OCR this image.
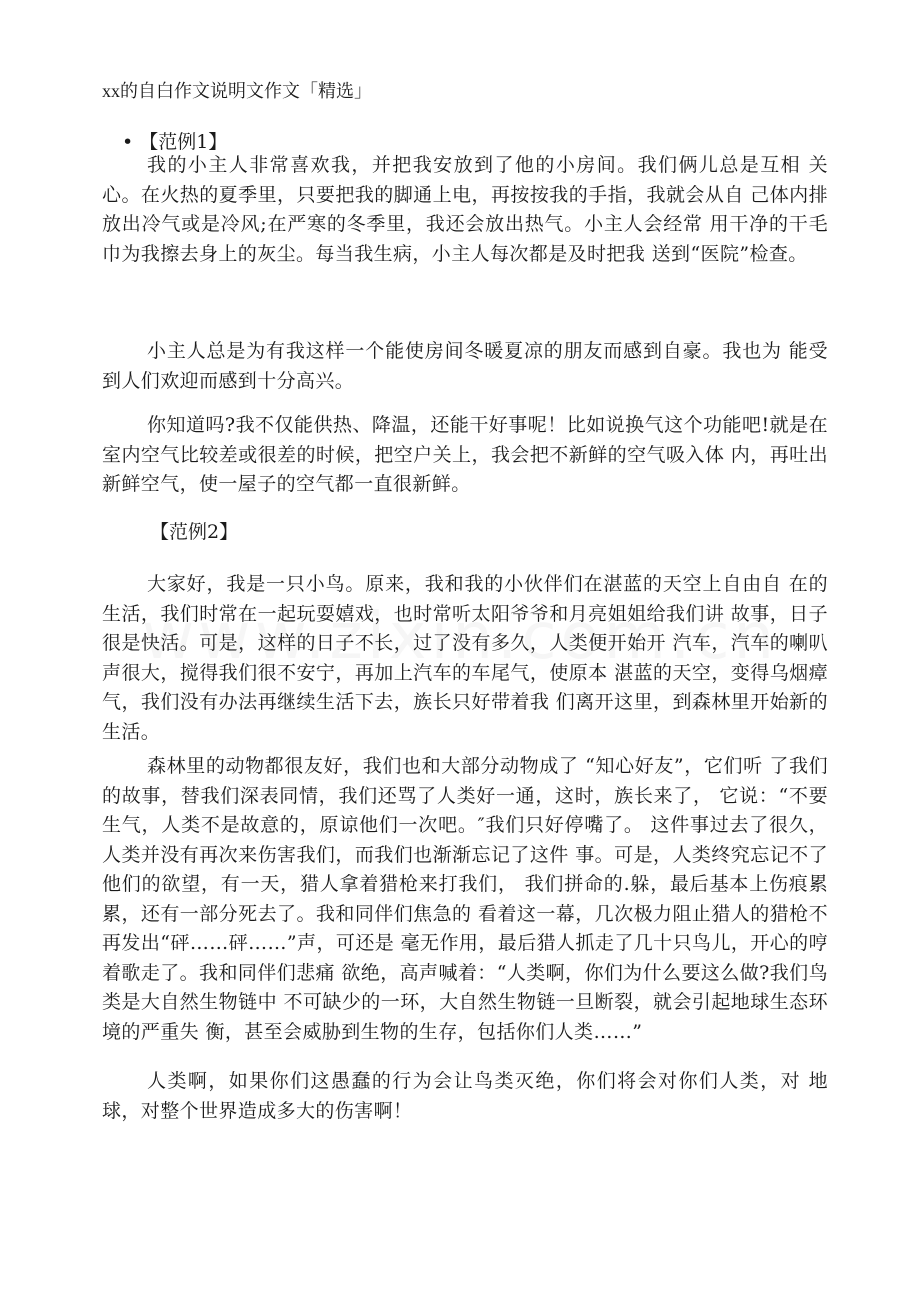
xx的自白作文说明文作文「精选」
• 【范例1】

我的小主人非常喜欢我，并把我安放到了他的小房间。我们俩儿总是互相 关心。在火热的夏季里，只要把我的脚通上电，再按按我的手指，我就会从自 己体内排放出冷气或是冷风;在严寒的冬季里，我还会放出热气。小主人会经常 用干净的干毛巾为我擦去身上的灰尘。每当我生病，小主人每次都是及时把我 送到“医院”检查。

小主人总是为有我这样一个能使房间冬暖夏凉的朋友而感到自豪。我也为 能受到人们欢迎而感到十分高兴。

你知道吗?我不仅能供热、降温，还能干好事呢！比如说换气这个功能吧!就是在室内空气比较差或很差的时候，把空户关上，我会把不新鲜的空气吸入体 内，再吐出新鲜空气，使一屋子的空气都一直很新鲜。

【范例2】

大家好，我是一只小鸟。原来，我和我的小伙伴们在湛蓝的天空上自由自 在的生活，我们时常在一起玩耍嬉戏，也时常听太阳爷爷和月亮姐姐给我们讲 故事，日子很是快活。可是，这样的日子不长，过了没有多久，人类便开始开 汽车，汽车的喇叭声很大，搅得我们很不安宁，再加上汽车的车尾气，使原本 湛蓝的天空，变得乌烟瘴气，我们没有办法再继续生活下去，族长只好带着我 们离开这里，到森林里开始新的生活。

森林里的动物都很友好，我们也和大部分动物成了 “知心好友”，它们听 了我们的故事，替我们深表同情，我们还骂了人类好一通，这时，族长来了， 它说：“不要生气，人类不是故意的，原谅他们一次吧。″我们只好停嘴了。 这件事过去了很久，人类并没有再次来伤害我们，而我们也渐渐忘记了这件 事。可是，人类终究忘记不了他们的欲望，有一天，猎人拿着猎枪来打我们， 我们拼命的.躲，最后基本上伤痕累累，还有一部分死去了。我和同伴们焦急的 看着这一幕，几次极力阻止猎人的猎枪不再发出“砰……砰……”声，可还是 毫无作用，最后猎人抓走了几十只鸟儿，开心的哼着歌走了。我和同伴们悲痛 欲绝，高声喊着：“人类啊，你们为什么要这么做?我们鸟类是大自然生物链中 不可缺少的一环，大自然生物链一旦断裂，就会引起地球生态环境的严重失 衡，甚至会威胁到生物的生存，包括你们人类……”

人类啊，如果你们这愚蠢的行为会让鸟类灭绝，你们将会对你们人类，对 地球，对整个世界造成多大的伤害啊！
